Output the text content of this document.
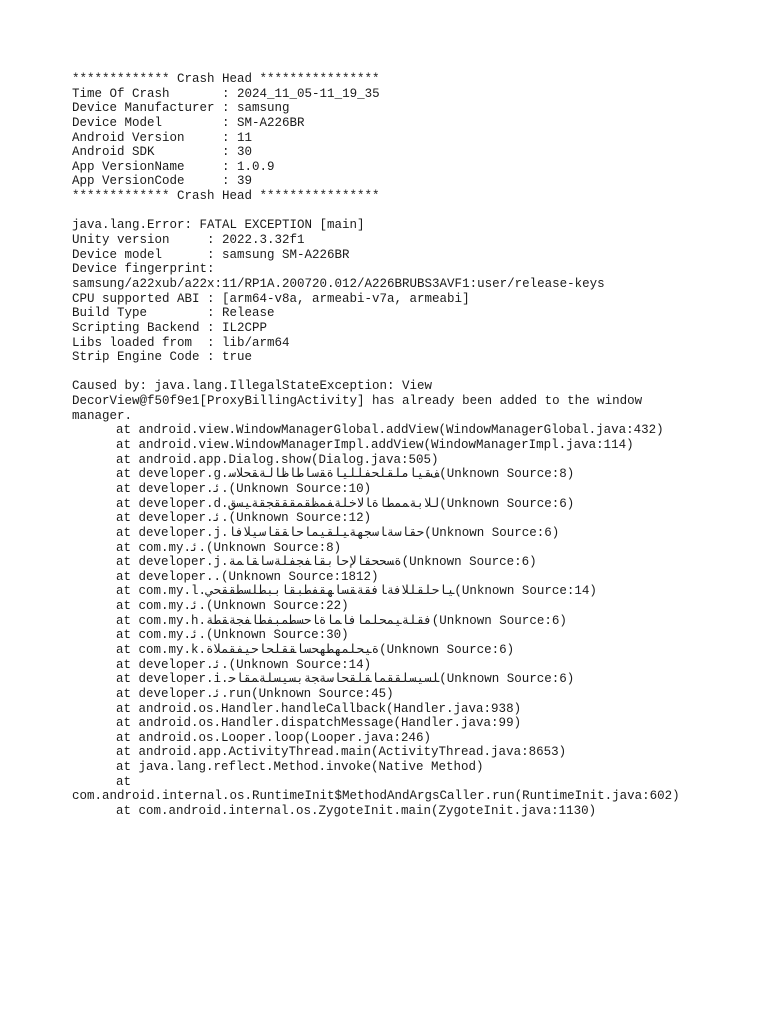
************* Crash Head ****************
Time Of Crash       : 2024_11_05-11_19_35
Device Manufacturer : samsung
Device Model        : SM-A226BR
Android Version     : 11
Android SDK         : 30
App VersionName     : 1.0.9
App VersionCode     : 39
************* Crash Head ****************
java.lang.Error: FATAL EXCEPTION [main]
Unity version     : 2022.3.32f1
Device model      : samsung SM-A226BR
Device fingerprint:
samsung/a22xub/a22x:11/RP1A.200720.012/A226BRUBS3AVF1:user/release-keys
CPU supported ABI : [arm64-v8a, armeabi-v7a, armeabi]
Build Type        : Release
Scripting Backend : IL2CPP
Libs loaded from  : lib/arm64
Strip Engine Code : true
Caused by: java.lang.IllegalStateException: View
DecorView@f50f9e1[ProxyBillingActivity] has already been added to the window
manager.
at android.view.WindowManagerGlobal.addView(WindowManagerGlobal.java:432)
at android.view.WindowManagerImpl.addView(WindowManagerImpl.java:114)
at android.app.Dialog.show(Dialog.java:505)
at developer.g.ﻒﻘﻴﺎﻣﻠﻘﻠﺤﻔﻠﻠﻴﺎﺓﻘﺳﺎﻃﺎﻇﺎﻟﺔﻘﺤﻼﺳ(Unknown Source:8)
at developer.ﺋ.(Unknown Source:10)
at developer.d.ﻟﻼﺑﺔﻤﻤﻄﺎﺓﺎﻻﺧﻠﺔﻔﻤﻈﻘﻤﻘﻘﻘﺠﻘﺔﻴﺴﻖ(Unknown Source:6)
at developer.ﺋ.(Unknown Source:12)
at developer.j.ﺣﻘﺎﺳﺔﺎﺳﺠﻬﺔﻴﻠﻘﻴﻤﺎﺣﺎﻘﻘﺎﺳﻴﻼﻓﺎ(Unknown Source:6)
at com.my.ﺋ.(Unknown Source:8)
at developer.j.ﺓﺴﺤﺤﻘﺎﻹﺣﺎﺑﻘﺎﻔﺠﻔﻠﺔﺳﺎﻘﺎﻤﺔ(Unknown Source:6)
at developer..(Unknown Source:1812)
at com.my.l.ﻴﺎﺣﻠﻘﻠﻼﻓﺔﺎﻓﻘﺔﻘﺴﺎﻬﻘﻔﻄﺒﻘﺎﺑﺒﻄﻠﺴﻄﻘﻘﺤﻲ(Unknown Source:14)
at com.my.ﺋ.(Unknown Source:22)
at com.my.h.ﻓﻘﻠﺔﻴﻤﺤﻠﻤﺎﻓﺎﻤﺎﺓﺎﺣﺴﻄﻤﺒﻔﻄﺎﻔﺠﺔﻘﻄﺔ(Unknown Source:6)
at com.my.ﺋ.(Unknown Source:30)
at com.my.k.ﺓﻴﺤﻠﻤﻬﻄﻬﺤﺴﺎﻘﻘﻠﺤﺎﺣﻴﻔﻘﻤﻼﺓ(Unknown Source:6)
at developer.ﺋ.(Unknown Source:14)
at developer.i.ﻠﺴﻴﺴﻠﻘﻘﻤﺎﻘﻠﻘﺤﺎﺳﺔﺠﺔﺑﺴﻴﺴﻠﺔﻤﻘﺎﺣ(Unknown Source:6)
at developer.ﺋ.run(Unknown Source:45)
at android.os.Handler.handleCallback(Handler.java:938)
at android.os.Handler.dispatchMessage(Handler.java:99)
at android.os.Looper.loop(Looper.java:246)
at android.app.ActivityThread.main(ActivityThread.java:8653)
at java.lang.reflect.Method.invoke(Native Method)
at
com.android.internal.os.RuntimeInit$MethodAndArgsCaller.run(RuntimeInit.java:602)
at com.android.internal.os.ZygoteInit.main(ZygoteInit.java:1130)
